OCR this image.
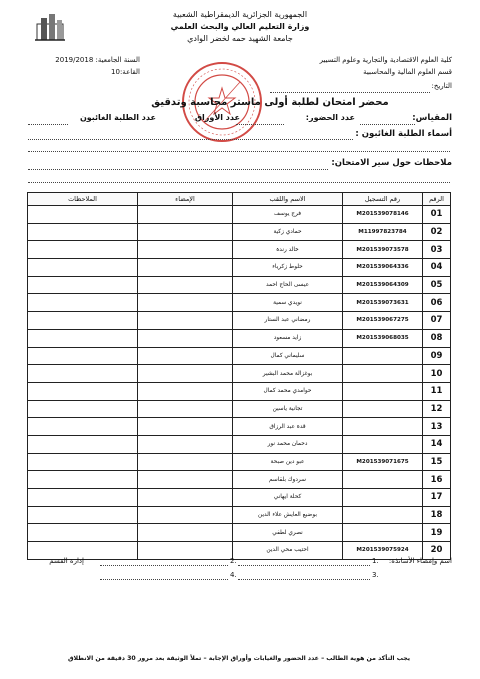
الجمهورية الجزائرية الديمقراطية الشعبية
وزارة التعليم العالي والبحث العلمي
جامعة الشهيد حمه لخضر الوادي
كلية العلوم الاقتصادية والتجارية وعلوم التسيير
قسم العلوم المالية والمحاسبية
التاريخ:
السنة الجامعية: 2019/2018
القاعة:10
محضر امتحان لطلبة أولى ماستر محاسبة وتدقيق
المقياس:
عدد الحضور:
عدد الأوراق
عدد الطلبة الغائبون
أسماء الطلبة الغائبون :
ملاحظات حول سير الامتحان:
الرقم	رقم التسجيل	الاسم واللقب	الإمضاء	الملاحظات
01	M201539078146	فرج يوسف		
02	M11997823784	حمادي زكية		
03	M201539073578	خالد رندة		
04	M201539064336	حلوط زكرياء		
05	M201539064309	عيسى الحاج احمد		
06	M201539073631	نويدي سمية		
07	M201539067275	رمضاني عبد الستار		
08	M201539068035	زايد مسعود		
09		سليماني كمال		
10		بوغزالة محمد البشير		
11		حوامدي محمد كمال		
12		تجانية ياسين		
13		قدة عبد الرزاق		
14		دحمان محمد نور		
15	M201539071675	عبو دين صبحة		
16		سردوك بلقاسم		
17		كحلة ايهاني		
18		بوضيع العايش علاء الدين		
19		نصري لطفي		
20	M201539075924	احتيب محي الدين		
اسم وإمضاء الأساتذة:
1.
2.
إدارة القسم
3.
4.
يجب التأكد من هوية الطالب – عدد الحضور والغيابات وأوراق الإجابة – تملأ الوثيقة بعد مرور 30 دقيقة من الانطلاق
